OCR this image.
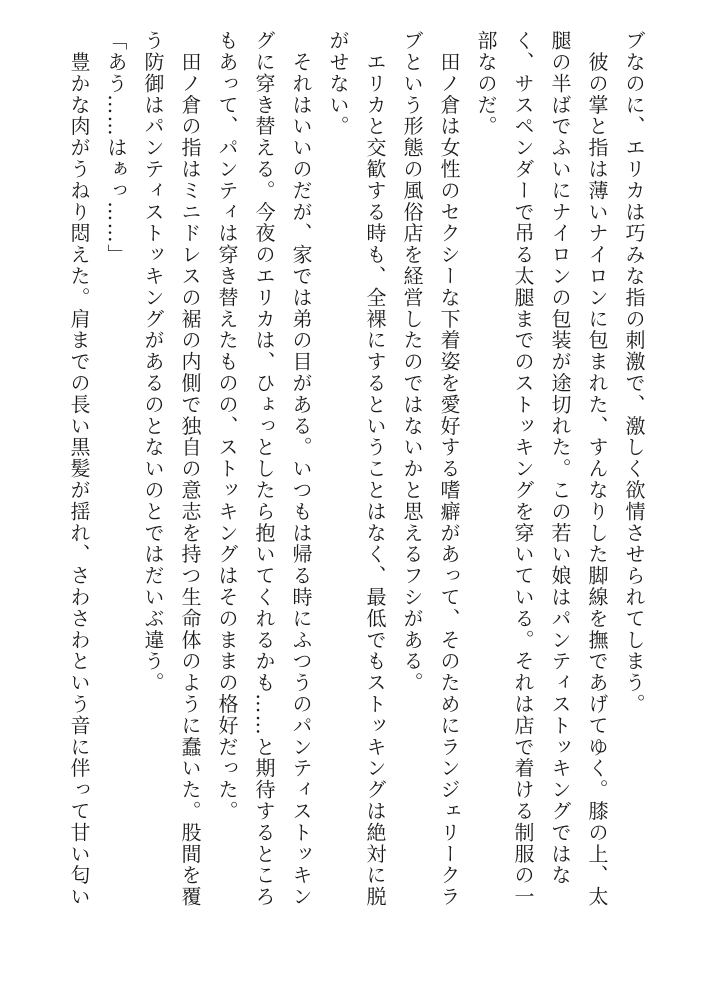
ブなのに、エリカは巧みな指の刺激で、激しく欲情させられてしまう。
　彼の掌と指は薄いナイロンに包まれた、すんなりした脚線を撫であげてゆく。膝の上、太
腿の半ばでふいにナイロンの包装が途切れた。この若い娘はパンティストッキングではな
く、サスペンダーで吊る太腿までのストッキングを穿いている。それは店で着ける制服の一
部なのだ。
　田ノ倉は女性のセクシーな下着姿を愛好する嗜癖があって、そのためにランジェリークラ
ブという形態の風俗店を経営したのではないかと思えるフシがある。
　エリカと交歓する時も、全裸にするということはなく、最低でもストッキングは絶対に脱
がせない。
　それはいいのだが、家では弟の目がある。いつもは帰る時にふつうのパンティストッキン
グに穿き替える。今夜のエリカは、ひょっとしたら抱いてくれるかも……と期待するところ
もあって、パンティは穿き替えたものの、ストッキングはそのままの格好だった。
　田ノ倉の指はミニドレスの裾の内側で独自の意志を持つ生命体のように蠢いた。股間を覆
う防御はパンティストッキングがあるのとないのとではだいぶ違う。
「あう……はぁっ……」
　豊かな肉がうねり悶えた。肩までの長い黒髪が揺れ、さわさわという音に伴って甘い匂い
